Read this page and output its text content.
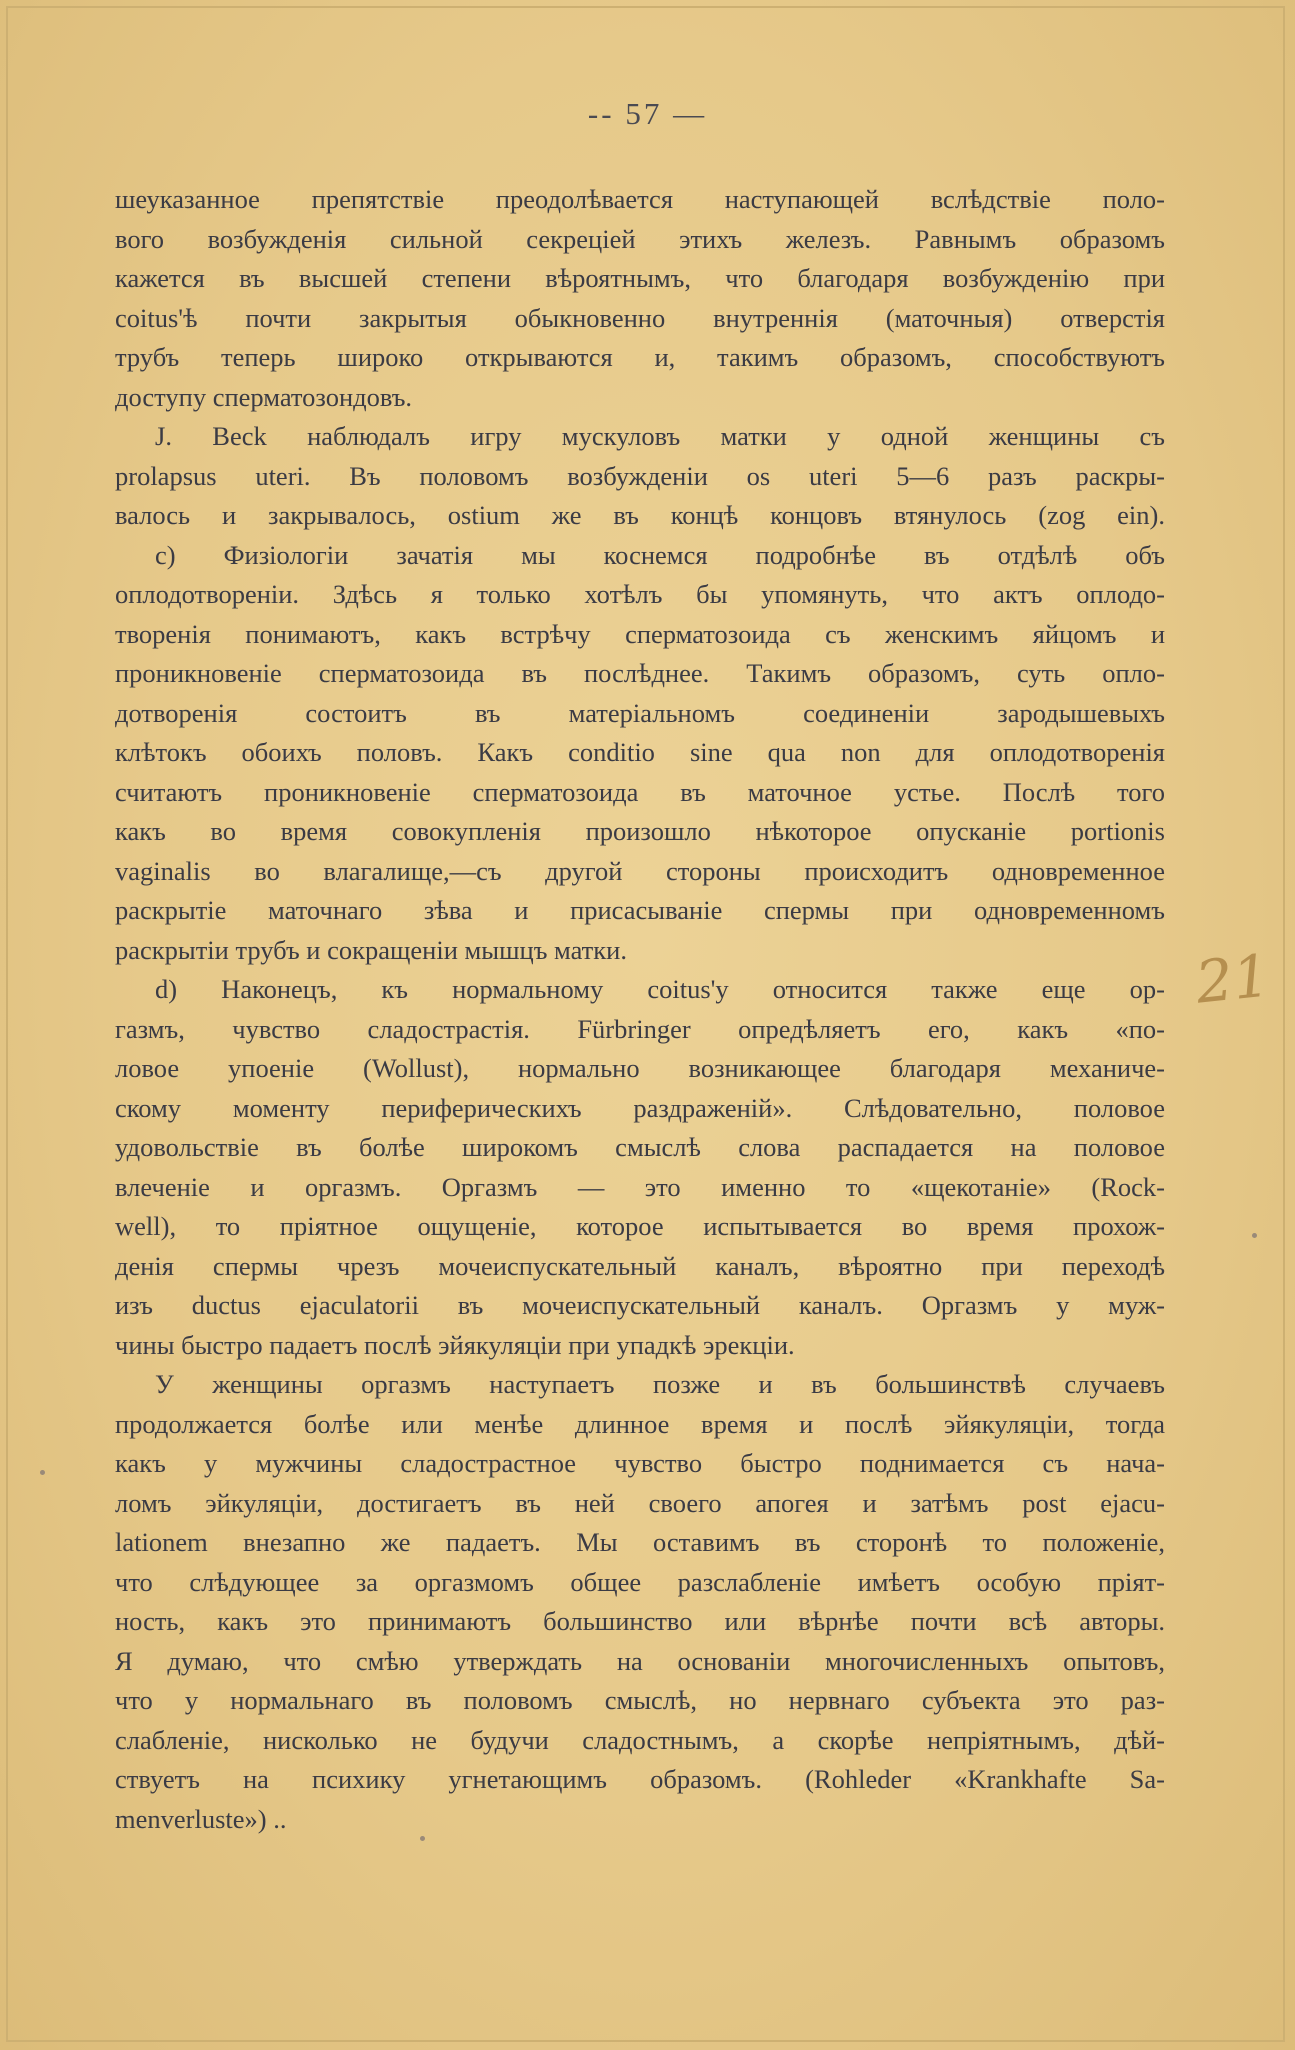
-- 57 —
шеуказанное препятствіе преодолѣвается наступающей вслѣдствіе поло-
вого возбужденія сильной секреціей этихъ железъ. Равнымъ образомъ
кажется въ высшей степени вѣроятнымъ, что благодаря возбужденію при
coitus'ѣ почти закрытыя обыкновенно внутреннія (маточныя) отверстія
трубъ теперь широко открываются и, такимъ образомъ, способствуютъ
доступу сперматозондовъ.
J. Beck наблюдалъ игру мускуловъ матки у одной женщины съ
prolapsus uteri. Въ половомъ возбужденіи os uteri 5—6 разъ раскры-
валось и закрывалось, ostium же въ концѣ концовъ втянулось (zog ein).
c) Физіологіи зачатія мы коснемся подробнѣе въ отдѣлѣ объ
оплодотвореніи. Здѣсь я только хотѣлъ бы упомянуть, что актъ оплодо-
творенія понимаютъ, какъ встрѣчу сперматозоида съ женскимъ яйцомъ и
проникновеніе сперматозоида въ послѣднее. Такимъ образомъ, суть опло-
дотворенія состоитъ въ матеріальномъ соединеніи зародышевыхъ
клѣтокъ обоихъ половъ. Какъ conditio sine qua non для оплодотворенія
считаютъ проникновеніе сперматозоида въ маточное устье. Послѣ того
какъ во время совокупленія произошло нѣкоторое опусканіе portionis
vaginalis во влагалище,—съ другой стороны происходитъ одновременное
раскрытіе маточнаго зѣва и присасываніе спермы при одновременномъ
раскрытіи трубъ и сокращеніи мышцъ матки.
d) Наконецъ, къ нормальному coitus'у относится также еще ор-
газмъ, чувство сладострастія. Fürbringer опредѣляетъ его, какъ «по-
ловое упоеніе (Wollust), нормально возникающее благодаря механиче-
скому моменту периферическихъ раздраженій». Слѣдовательно, половое
удовольствіе въ болѣе широкомъ смыслѣ слова распадается на половое
влеченіе и оргазмъ. Оргазмъ — это именно то «щекотаніе» (Rock-
well), то пріятное ощущеніе, которое испытывается во время прохож-
денія спермы чрезъ мочеиспускательный каналъ, вѣроятно при переходѣ
изъ ductus ejaculatorii въ мочеиспускательный каналъ. Оргазмъ у муж-
чины быстро падаетъ послѣ эйякуляціи при упадкѣ эрекціи.
У женщины оргазмъ наступаетъ позже и въ большинствѣ случаевъ
продолжается болѣе или менѣе длинное время и послѣ эйякуляціи, тогда
какъ у мужчины сладострастное чувство быстро поднимается съ нача-
ломъ эйкуляціи, достигаетъ въ ней своего апогея и затѣмъ post ejacu-
lationem внезапно же падаетъ. Мы оставимъ въ сторонѣ то положеніе,
что слѣдующее за оргазмомъ общее разслабленіе имѣетъ особую пріят-
ность, какъ это принимаютъ большинство или вѣрнѣе почти всѣ авторы.
Я думаю, что смѣю утверждать на основаніи многочисленныхъ опытовъ,
что у нормальнаго въ половомъ смыслѣ, но нервнаго субъекта это раз-
слабленіе, нисколько не будучи сладостнымъ, а скорѣе непріятнымъ, дѣй-
ствуетъ на психику угнетающимъ образомъ. (Rohleder «Krankhafte Sa-
menverluste») ..
21
